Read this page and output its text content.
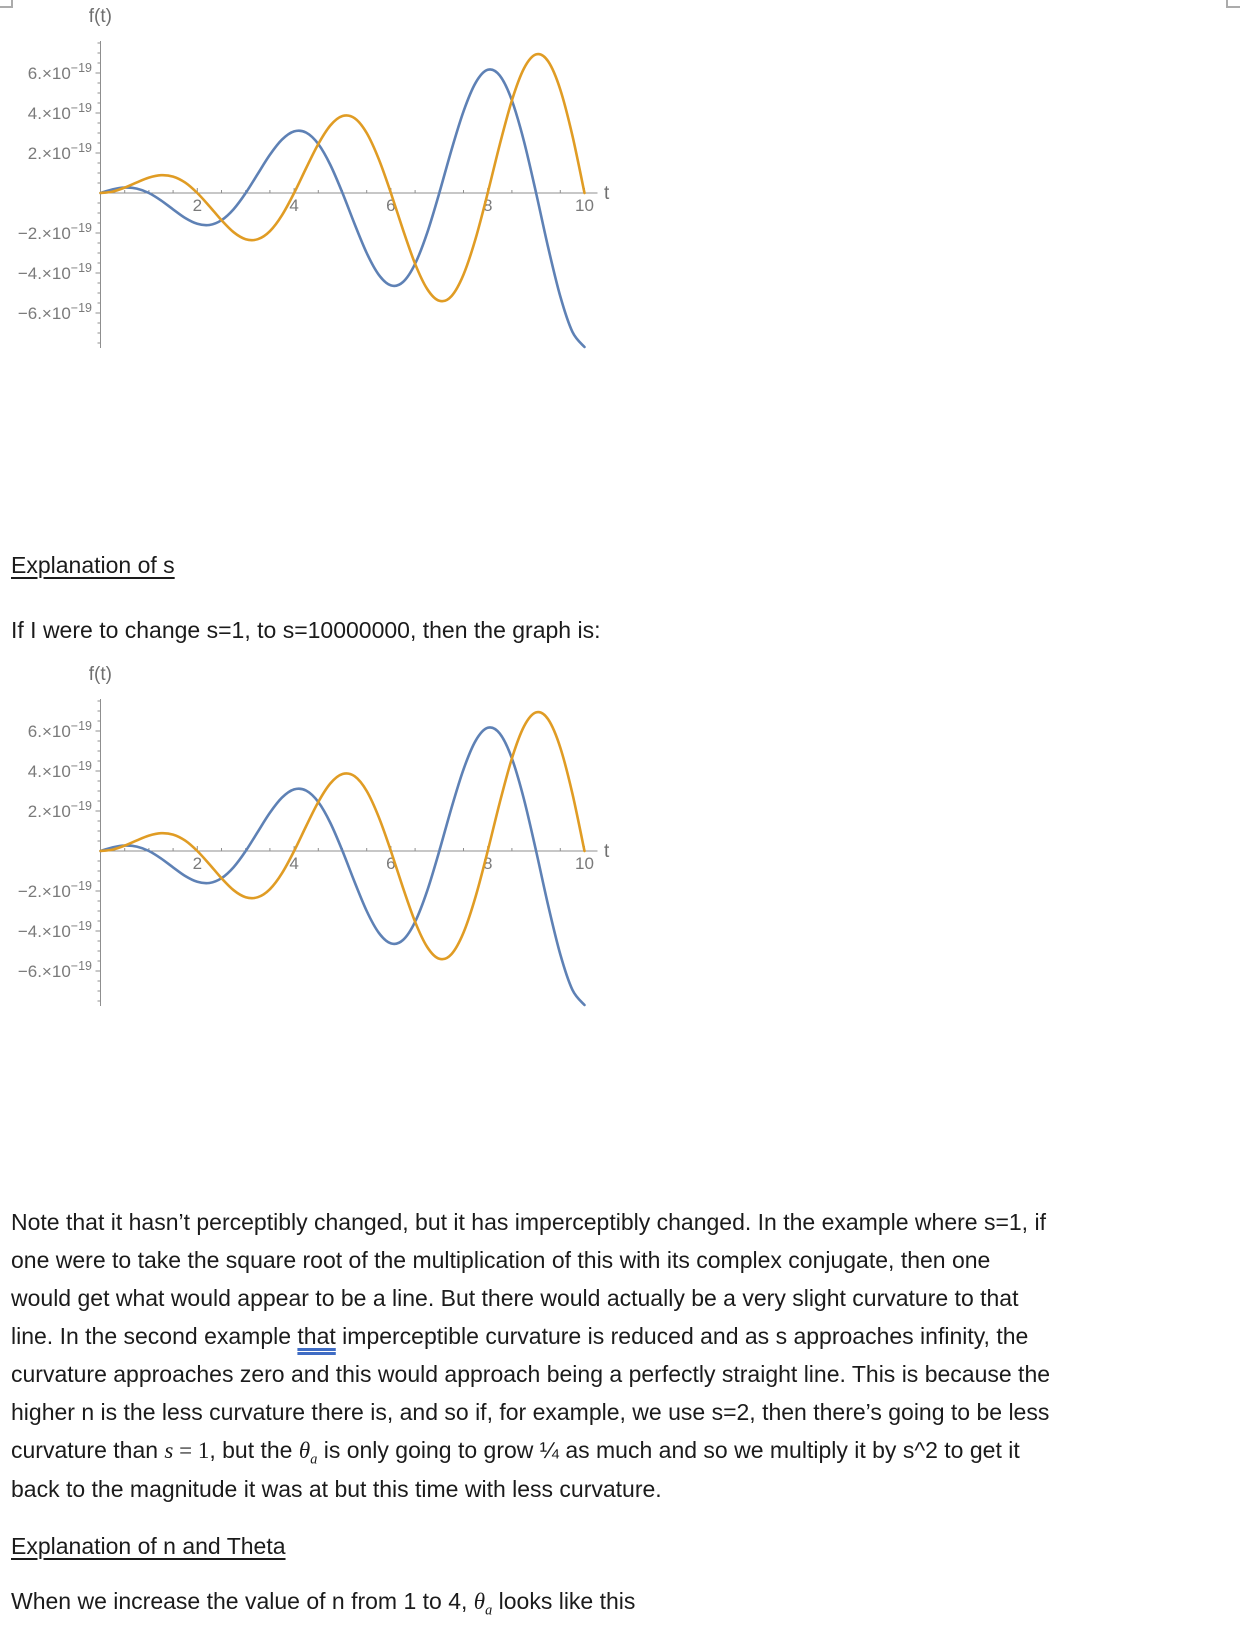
2	4	6	8	10
$6.\times 10^{-19}$
$4.\times 10^{-19}$
$2.\times 10^{-19}$
$-2.\times 10^{-19}$
$-4.\times 10^{-19}$
$-6.\times 10^{-19}$
f(t)
t
Explanation of s
If I were to change s=1, to s=10000000, then the graph is:
2	4	6	8	10
$6.\times 10^{-19}$
$4.\times 10^{-19}$
$2.\times 10^{-19}$
$-2.\times 10^{-19}$
$-4.\times 10^{-19}$
$-6.\times 10^{-19}$
f(t)
t
Note that it hasn’t perceptibly changed, but it has imperceptibly changed. In the example where s=1, if
one were to take the square root of the multiplication of this with its complex conjugate, then one
would get what would appear to be a line. But there would actually be a very slight curvature to that
line. In the second example that imperceptible curvature is reduced and as s approaches infinity, the
curvature approaches zero and this would approach being a perfectly straight line. This is because the
higher n is the less curvature there is, and so if, for example, we use s=2, then there’s going to be less
curvature than s = 1, but the $\theta_a$ is only going to grow ¼ as much and so we multiply it by s^2 to get it
back to the magnitude it was at but this time with less curvature.
Explanation of n and Theta
When we increase the value of n from 1 to 4, $\theta_a$ looks like this
